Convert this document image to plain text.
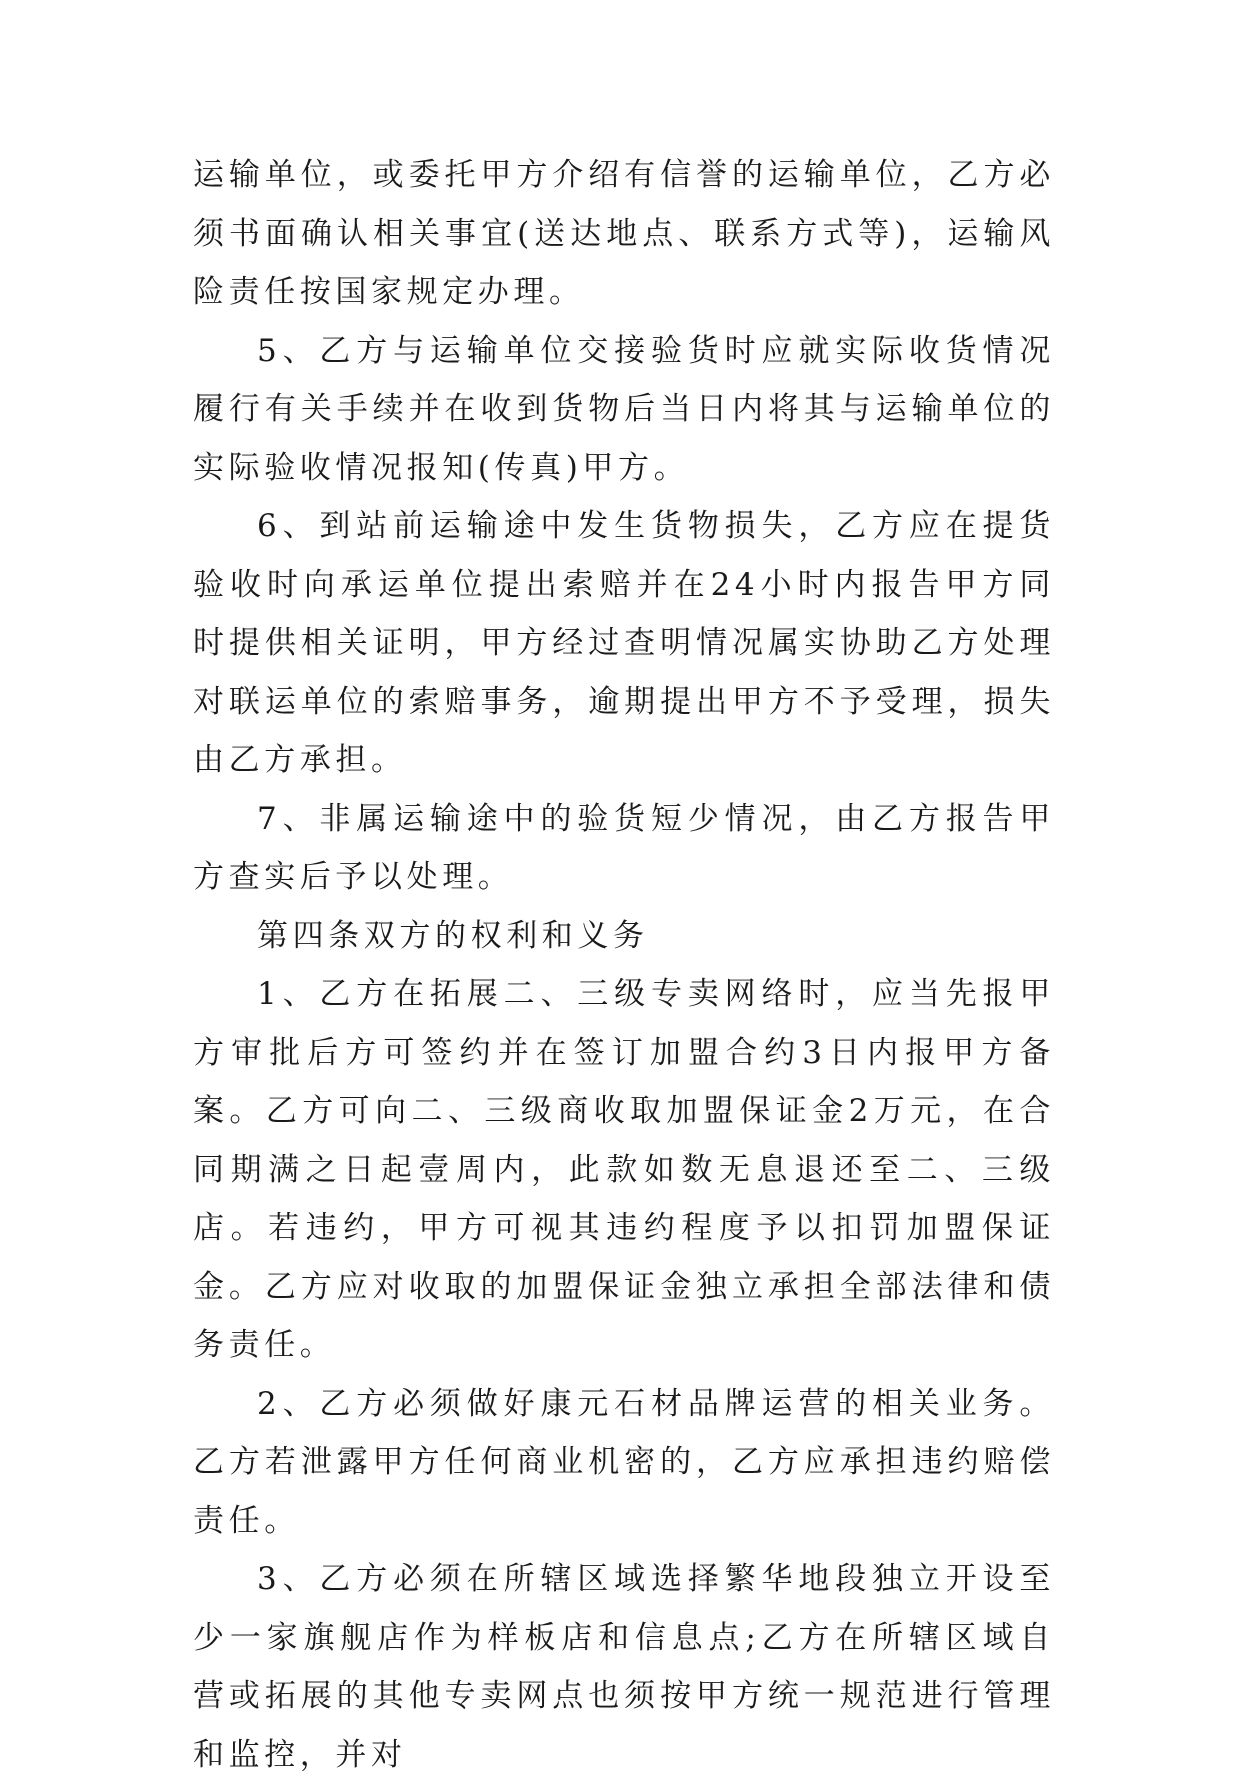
运输单位，或委托甲方介绍有信誉的运输单位，乙方必须书面确认相关事宜(送达地点、联系方式等)，运输风险责任按国家规定办理。

5、乙方与运输单位交接验货时应就实际收货情况履行有关手续并在收到货物后当日内将其与运输单位的实际验收情况报知(传真)甲方。

6、到站前运输途中发生货物损失，乙方应在提货验收时向承运单位提出索赔并在24小时内报告甲方同时提供相关证明，甲方经过查明情况属实协助乙方处理对联运单位的索赔事务，逾期提出甲方不予受理，损失由乙方承担。

7、非属运输途中的验货短少情况，由乙方报告甲方查实后予以处理。

第四条双方的权利和义务

1、乙方在拓展二、三级专卖网络时，应当先报甲方审批后方可签约并在签订加盟合约3日内报甲方备案。乙方可向二、三级商收取加盟保证金2万元，在合同期满之日起壹周内，此款如数无息退还至二、三级店。若违约，甲方可视其违约程度予以扣罚加盟保证金。乙方应对收取的加盟保证金独立承担全部法律和债务责任。

2、乙方必须做好康元石材品牌运营的相关业务。乙方若泄露甲方任何商业机密的，乙方应承担违约赔偿责任。

3、乙方必须在所辖区域选择繁华地段独立开设至少一家旗舰店作为样板店和信息点;乙方在所辖区域自营或拓展的其他专卖网点也须按甲方统一规范进行管理和监控，并对
